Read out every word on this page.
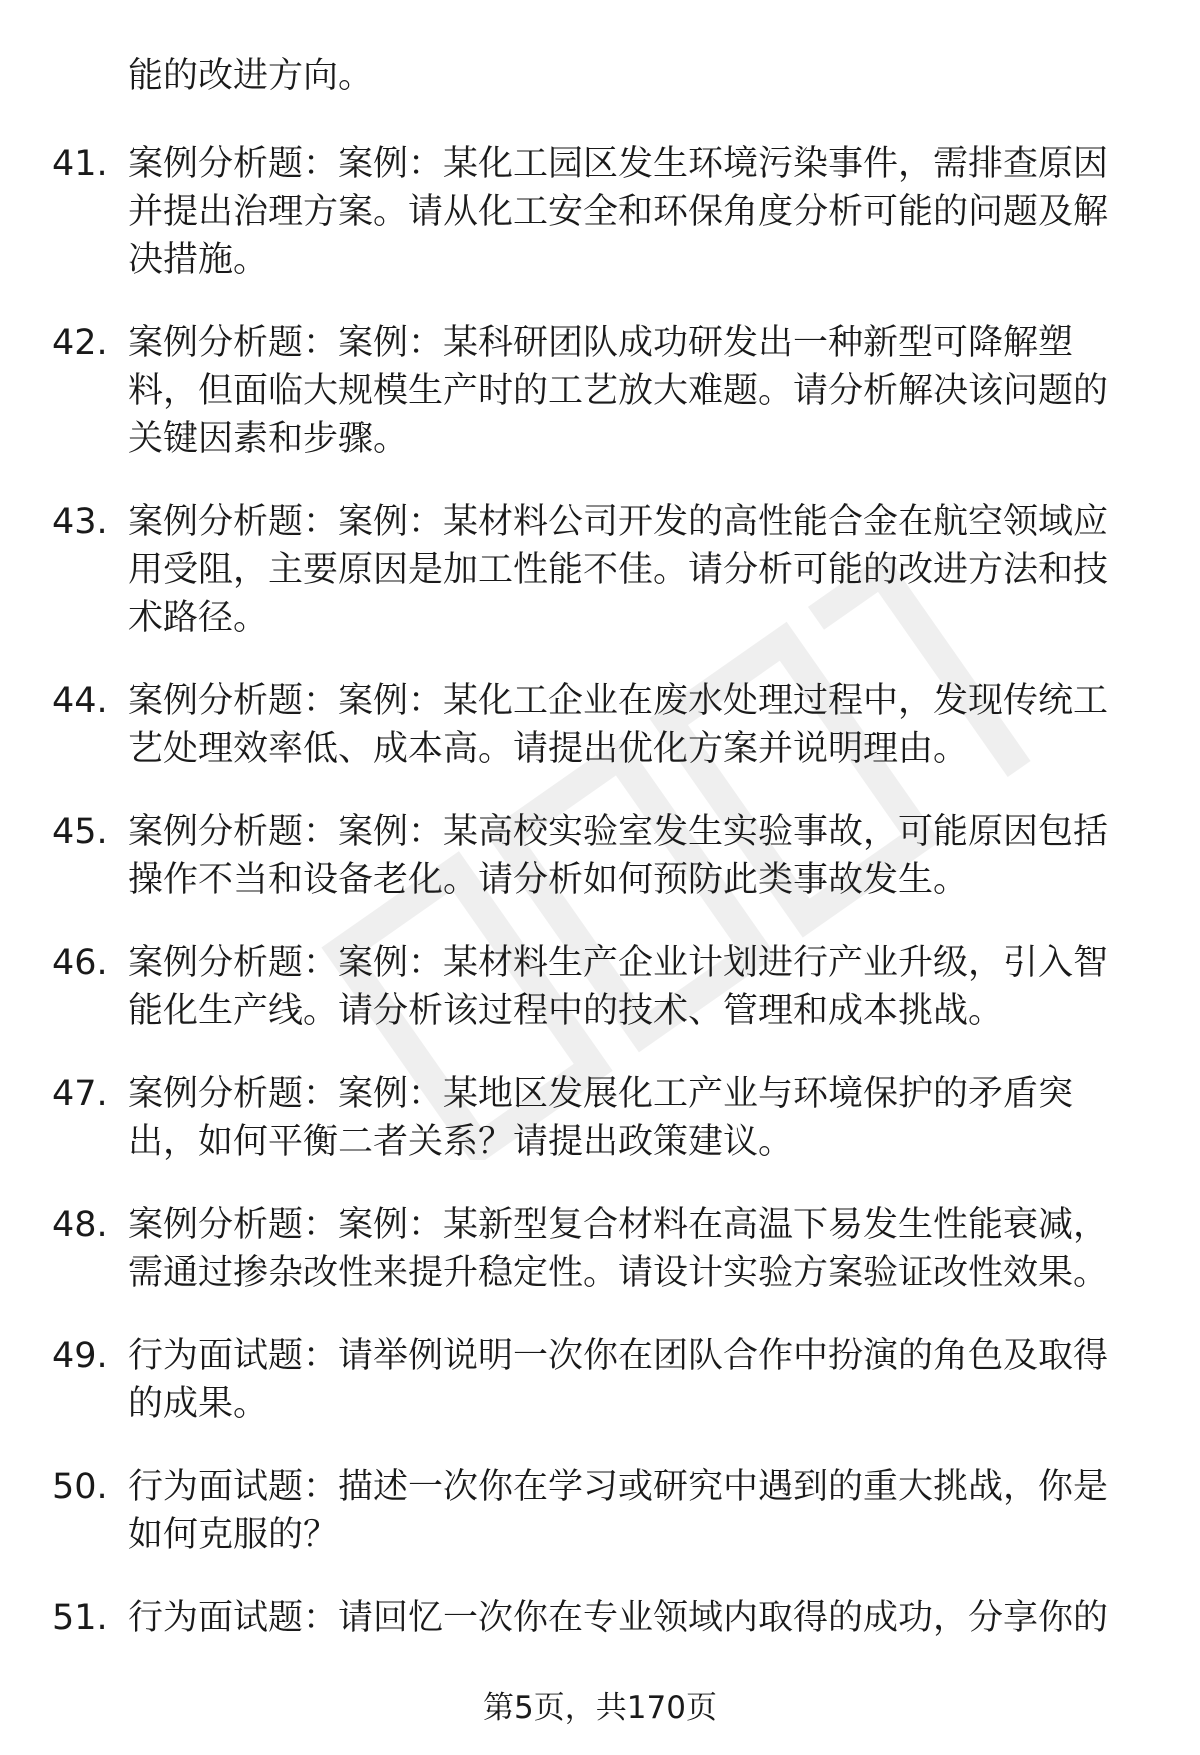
能的改进方向。

41. 案例分析题：案例：某化工园区发生环境污染事件，需排查原因并提出治理方案。请从化工安全和环保角度分析可能的问题及解决措施。
42. 案例分析题：案例：某科研团队成功研发出一种新型可降解塑料，但面临大规模生产时的工艺放大难题。请分析解决该问题的关键因素和步骤。
43. 案例分析题：案例：某材料公司开发的高性能合金在航空领域应用受阻，主要原因是加工性能不佳。请分析可能的改进方法和技术路径。
44. 案例分析题：案例：某化工企业在废水处理过程中，发现传统工艺处理效率低、成本高。请提出优化方案并说明理由。
45. 案例分析题：案例：某高校实验室发生实验事故，可能原因包括操作不当和设备老化。请分析如何预防此类事故发生。
46. 案例分析题：案例：某材料生产企业计划进行产业升级，引入智能化生产线。请分析该过程中的技术、管理和成本挑战。
47. 案例分析题：案例：某地区发展化工产业与环境保护的矛盾突出，如何平衡二者关系？请提出政策建议。
48. 案例分析题：案例：某新型复合材料在高温下易发生性能衰减，需通过掺杂改性来提升稳定性。请设计实验方案验证改性效果。
49. 行为面试题：请举例说明一次你在团队合作中扮演的角色及取得的成果。
50. 行为面试题：描述一次你在学习或研究中遇到的重大挑战，你是如何克服的？
51. 行为面试题：请回忆一次你在专业领域内取得的成功，分享你的
第5页，共170页
